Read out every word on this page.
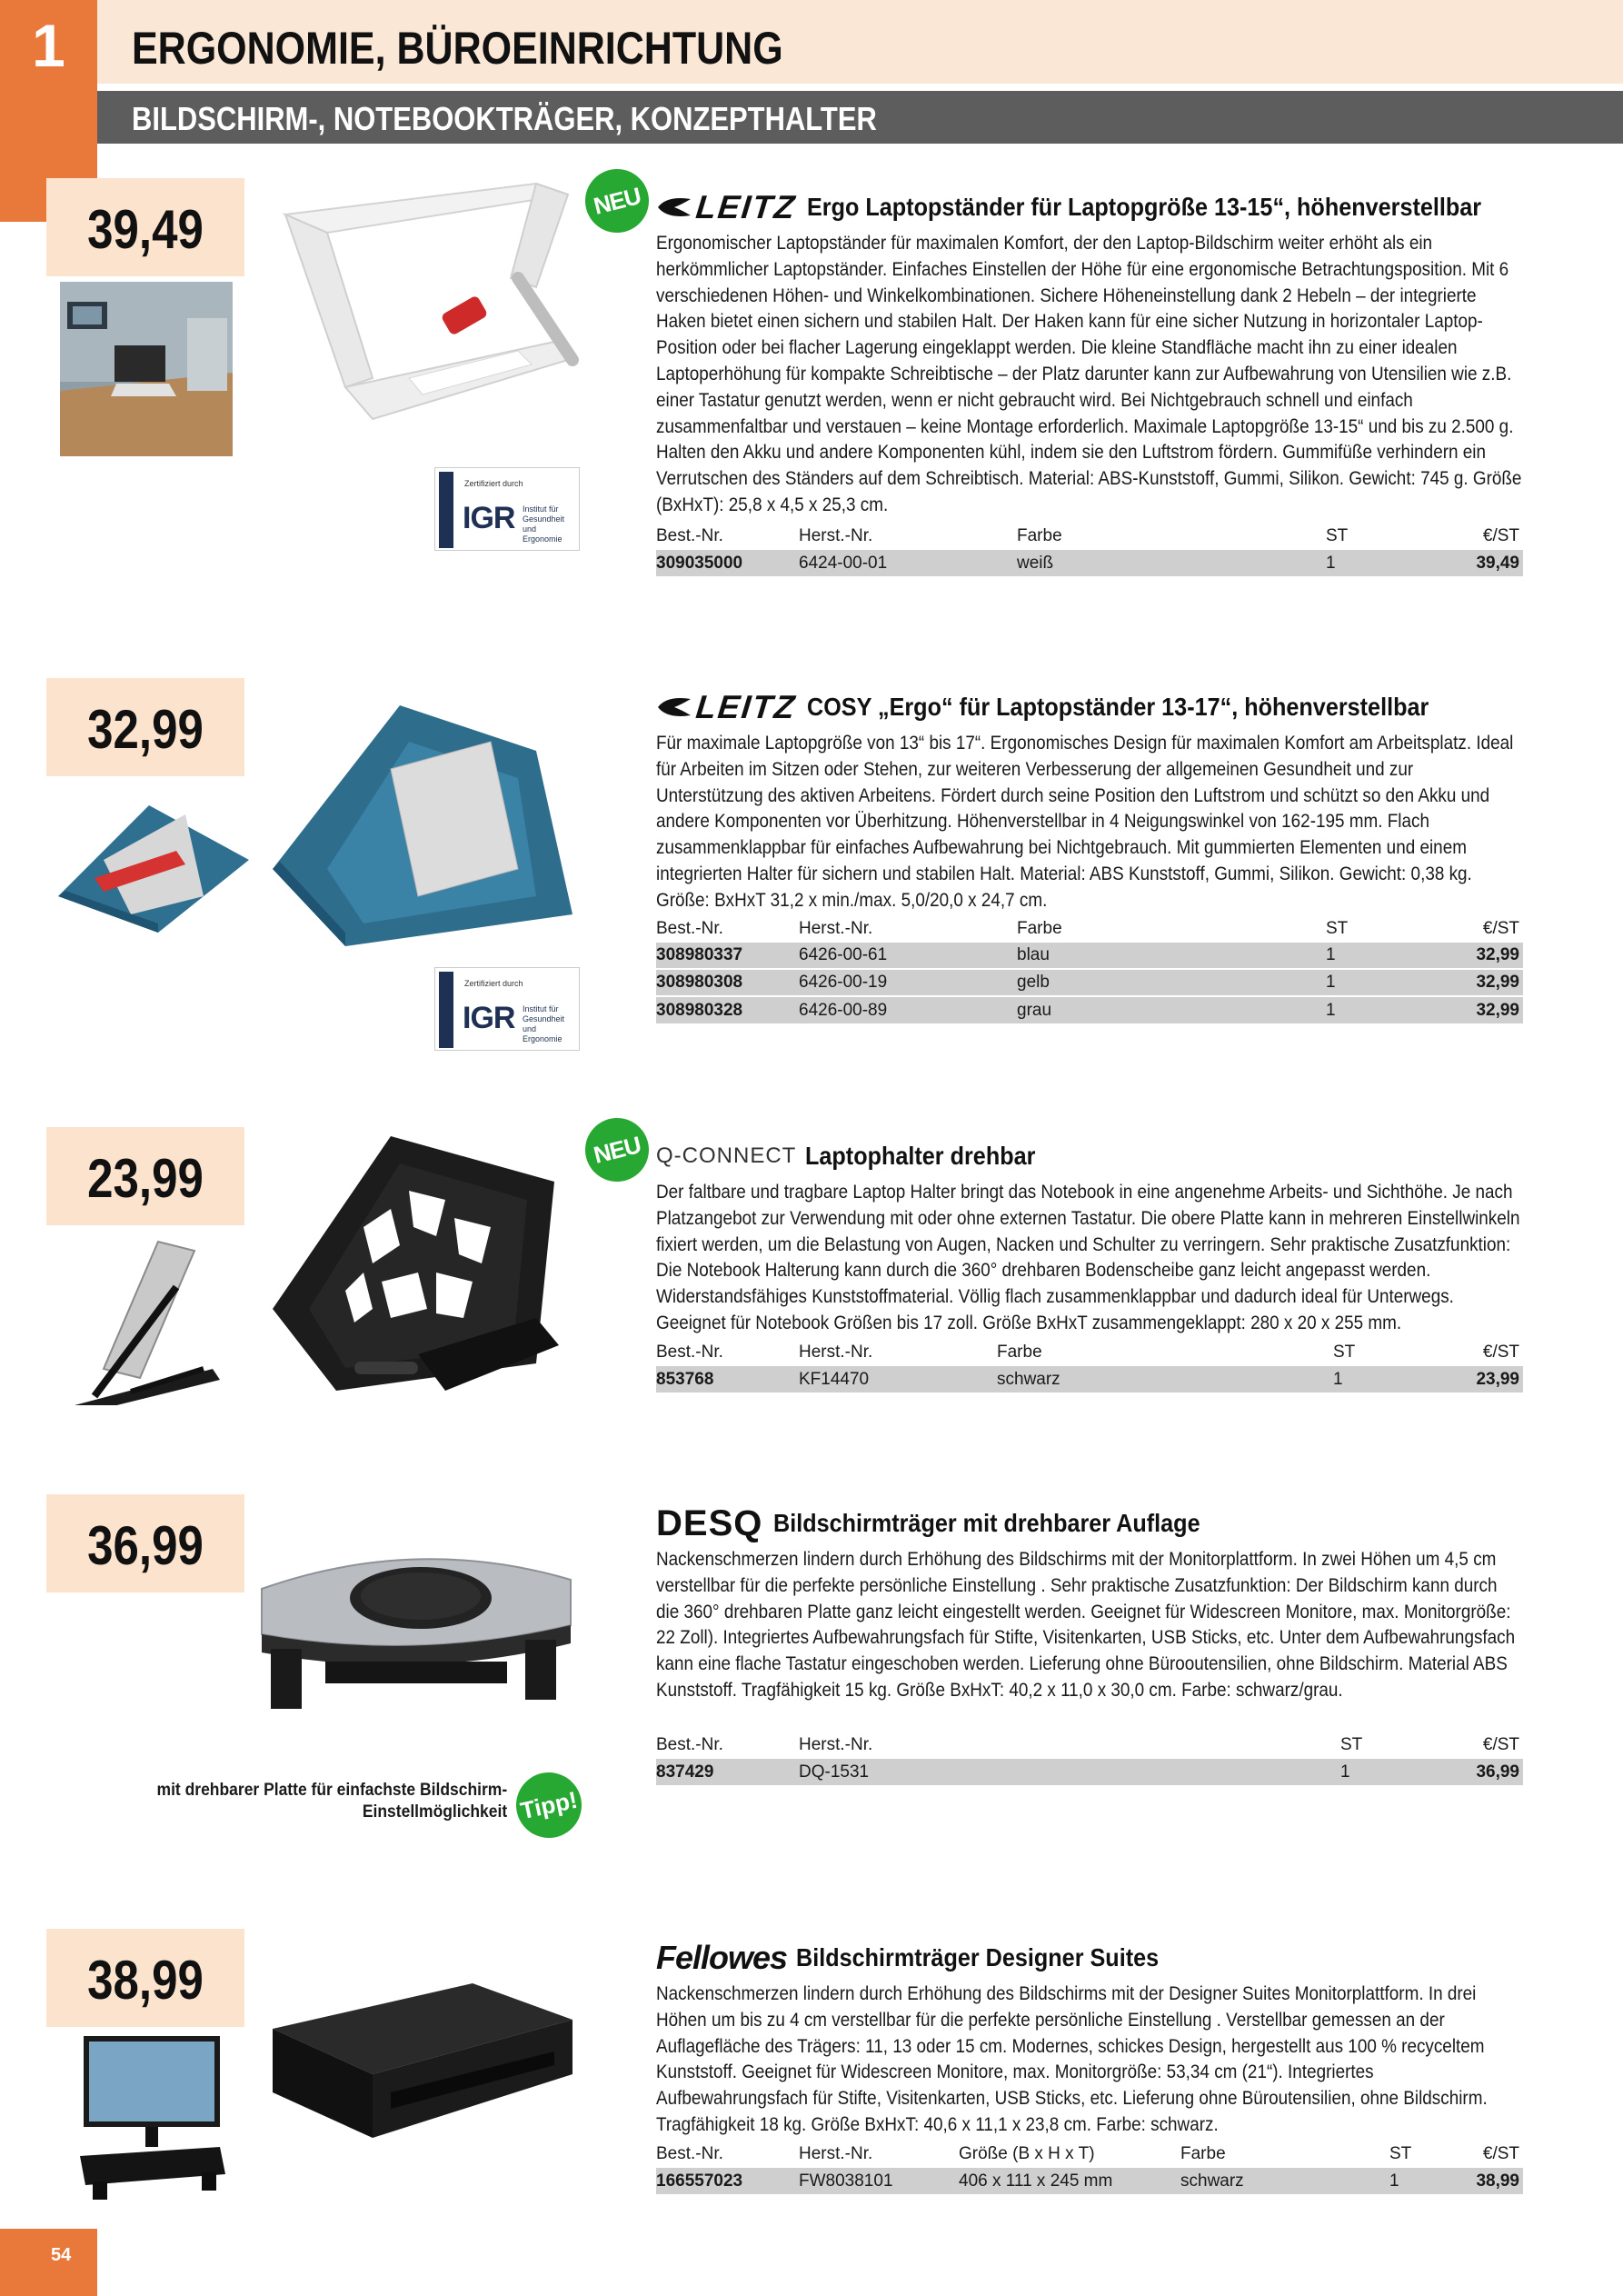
1	ERGONOMIE, BÜROEINRICHTUNG
BILDSCHIRM-, NOTEBOOKTRÄGER, KONZEPTHALTER
39,49
Zertifiziert durch
IGR Institut für Gesundheit und Ergonomie
NEU	LEITZ Ergo Laptopständer für Laptopgröße 13-15“, höhenverstellbar
Ergonomischer Laptopständer für maximalen Komfort, der den Laptop-Bildschirm weiter erhöht als ein herkömmlicher Laptopständer. Einfaches Einstellen der Höhe für eine ergonomische Betrachtungsposition. Mit 6 verschiedenen Höhen- und Winkelkombinationen. Sichere Höheneinstellung dank 2 Hebeln – der integrierte Haken bietet einen sichern und stabilen Halt. Der Haken kann für eine sicher Nutzung in horizontaler Laptop-Position oder bei flacher Lagerung eingeklappt werden. Die kleine Standfläche macht ihn zu einer idealen Laptoperhöhung für kompakte Schreibtische – der Platz darunter kann zur Aufbewahrung von Utensilien wie z.B. einer Tastatur genutzt werden, wenn er nicht gebraucht wird. Bei Nichtgebrauch schnell und einfach zusammenfaltbar und verstauen – keine Montage erforderlich. Maximale Laptopgröße 13-15“ und bis zu 2.500 g. Halten den Akku und andere Komponenten kühl, indem sie den Luftstrom fördern. Gummifüße verhindern ein Verrutschen des Ständers auf dem Schreibtisch. Material: ABS-Kunststoff, Gummi, Silikon. Gewicht: 745 g. Größe (BxHxT): 25,8 x 4,5 x 25,3 cm.
Best.-Nr.	Herst.-Nr.	Farbe	ST	€/ST
309035000	6424-00-01	weiß	1	39,49
32,99
Zertifiziert durch
IGR Institut für Gesundheit und Ergonomie
LEITZ COSY „Ergo“ für Laptopständer 13-17“, höhenverstellbar
Für maximale Laptopgröße von 13“ bis 17“. Ergonomisches Design für maximalen Komfort am Arbeitsplatz. Ideal für Arbeiten im Sitzen oder Stehen, zur weiteren Verbesserung der allgemeinen Gesundheit und zur Unterstützung des aktiven Arbeitens. Fördert durch seine Position den Luftstrom und schützt so den Akku und andere Komponenten vor Überhitzung. Höhenverstellbar in 4 Neigungswinkel von 162-195 mm. Flach zusammenklappbar für einfaches Aufbewahrung bei Nichtgebrauch. Mit gummierten Elementen und einem integrierten Halter für sichern und stabilen Halt. Material: ABS Kunststoff, Gummi, Silikon. Gewicht: 0,38 kg. Größe: BxHxT 31,2 x min./max. 5,0/20,0 x 24,7 cm.
Best.-Nr.	Herst.-Nr.	Farbe	ST	€/ST
308980337	6426-00-61	blau	1	32,99
308980308	6426-00-19	gelb	1	32,99
308980328	6426-00-89	grau	1	32,99
23,99	NEU Q-CONNECT Laptophalter drehbar
Der faltbare und tragbare Laptop Halter bringt das Notebook in eine angenehme Arbeits- und Sichthöhe. Je nach Platzangebot zur Verwendung mit oder ohne externen Tastatur. Die obere Platte kann in mehreren Einstellwinkeln fixiert werden, um die Belastung von Augen, Nacken und Schulter zu verringern. Sehr praktische Zusatzfunktion: Die Notebook Halterung kann durch die 360° drehbaren Bodenscheibe ganz leicht angepasst werden. Widerstandsfähiges Kunststoffmaterial. Völlig flach zusammenklappbar und dadurch ideal für Unterwegs. Geeignet für Notebook Größen bis 17 zoll. Größe BxHxT zusammengeklappt: 280 x 20 x 255 mm.
Best.-Nr.	Herst.-Nr.	Farbe	ST	€/ST
853768	KF14470	schwarz	1	23,99
36,99	DESQ Bildschirmträger mit drehbarer Auflage
Nackenschmerzen lindern durch Erhöhung des Bildschirms mit der Monitorplattform. In zwei Höhen um 4,5 cm verstellbar für die perfekte persönliche Einstellung . Sehr praktische Zusatzfunktion: Der Bildschirm kann durch die 360° drehbaren Platte ganz leicht eingestellt werden. Geeignet für Widescreen Monitore, max. Monitorgröße: 22 Zoll). Integriertes Aufbewahrungsfach für Stifte, Visitenkarten, USB Sticks, etc. Unter dem Aufbewahrungsfach kann eine flache Tastatur eingeschoben werden. Lieferung ohne Bürooutensilien, ohne Bildschirm. Material ABS Kunststoff. Tragfähigkeit 15 kg. Größe BxHxT: 40,2 x 11,0 x 30,0 cm. Farbe: schwarz/grau.
Best.-Nr.	Herst.-Nr.	ST	€/ST
837429	DQ-1531	1	36,99
mit drehbarer Platte für einfachste Bildschirm-
Einstellmöglichkeit Tipp!
38,99	Fellowes Bildschirmträger Designer Suites
Nackenschmerzen lindern durch Erhöhung des Bildschirms mit der Designer Suites Monitorplattform. In drei Höhen um bis zu 4 cm verstellbar für die perfekte persönliche Einstellung . Verstellbar gemessen an der Auflagefläche des Trägers: 11, 13 oder 15 cm. Modernes, schickes Design, hergestellt aus 100 % recyceltem Kunststoff. Geeignet für Widescreen Monitore, max. Monitorgröße: 53,34 cm (21“). Integriertes Aufbewahrungsfach für Stifte, Visitenkarten, USB Sticks, etc. Lieferung ohne Büroutensilien, ohne Bildschirm. Tragfähigkeit 18 kg. Größe BxHxT: 40,6 x 11,1 x 23,8 cm. Farbe: schwarz.
Best.-Nr.	Herst.-Nr.	Größe (B x H x T)	Farbe	ST	€/ST
166557023	FW8038101	406 x 111 x 245 mm	schwarz	1	38,99
54
